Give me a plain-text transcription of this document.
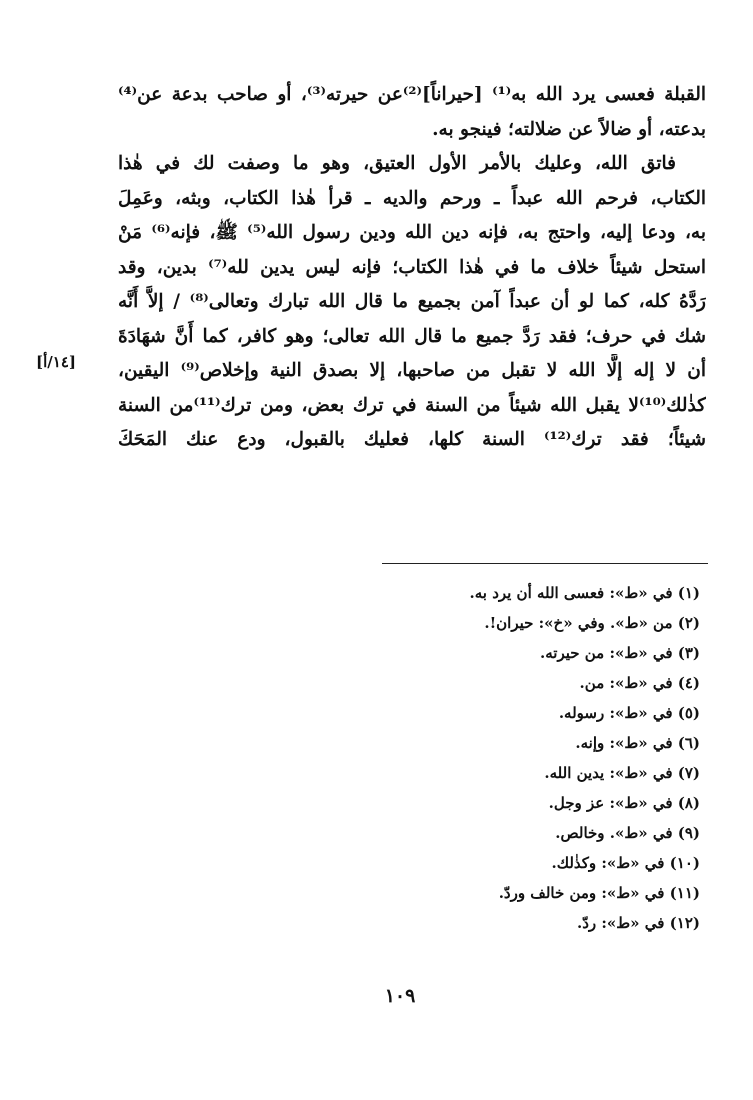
القبلة فعسى يرد الله به⁽¹⁾ [حيراناً]⁽²⁾عن حيرته⁽³⁾، أو صاحب بدعة عن⁽⁴⁾
بدعته، أو ضالاً عن ضلالته؛ فينجو به.
فاتق الله، وعليك بالأمر الأول العتيق، وهو ما وصفت لك في هٰذا
الكتاب، فرحم الله عبداً ـ ورحم والديه ـ قرأ هٰذا الكتاب، وبثه، وعَمِلَ
به، ودعا إليه، واحتج به، فإنه دين الله ودين رسول الله⁽⁵⁾ ﷺ، فإنه⁽⁶⁾ مَنْ
استحل شيئاً خلاف ما في هٰذا الكتاب؛ فإنه ليس يدين لله⁽⁷⁾ بدين، وقد
رَدَّهُ كله، كما لو أن عبداً آمن بجميع ما قال الله تبارك وتعالى⁽⁸⁾ / إلاَّ أَنَّه
شك في حرف؛ فقد رَدَّ جميع ما قال الله تعالى؛ وهو كافر، كما أَنَّ شهَادَةَ
أن لا إله إلَّا الله لا تقبل من صاحبها، إلا بصدق النية وإخلاص⁽⁹⁾ اليقين،
كذٰلك⁽¹⁰⁾لا يقبل الله شيئاً من السنة في ترك بعض، ومن ترك⁽¹¹⁾من السنة
شيئاً؛ فقد ترك⁽¹²⁾ السنة كلها، فعليك بالقبول، ودع عنك المَحَكَ
[١٤/أ]
(١) في «ط»: فعسى الله أن يرد به.
(٢) من «ط». وفي «خ»: حيران!.
(٣) في «ط»: من حيرته.
(٤) في «ط»: من.
(٥) في «ط»: رسوله.
(٦) في «ط»: وإنه.
(٧) في «ط»: يدين الله.
(٨) في «ط»: عز وجل.
(٩) في «ط». وخالص.
(١٠) في «ط»: وكذٰلك.
(١١) في «ط»: ومن خالف وردّ.
(١٢) في «ط»: ردّ.
١٠٩
